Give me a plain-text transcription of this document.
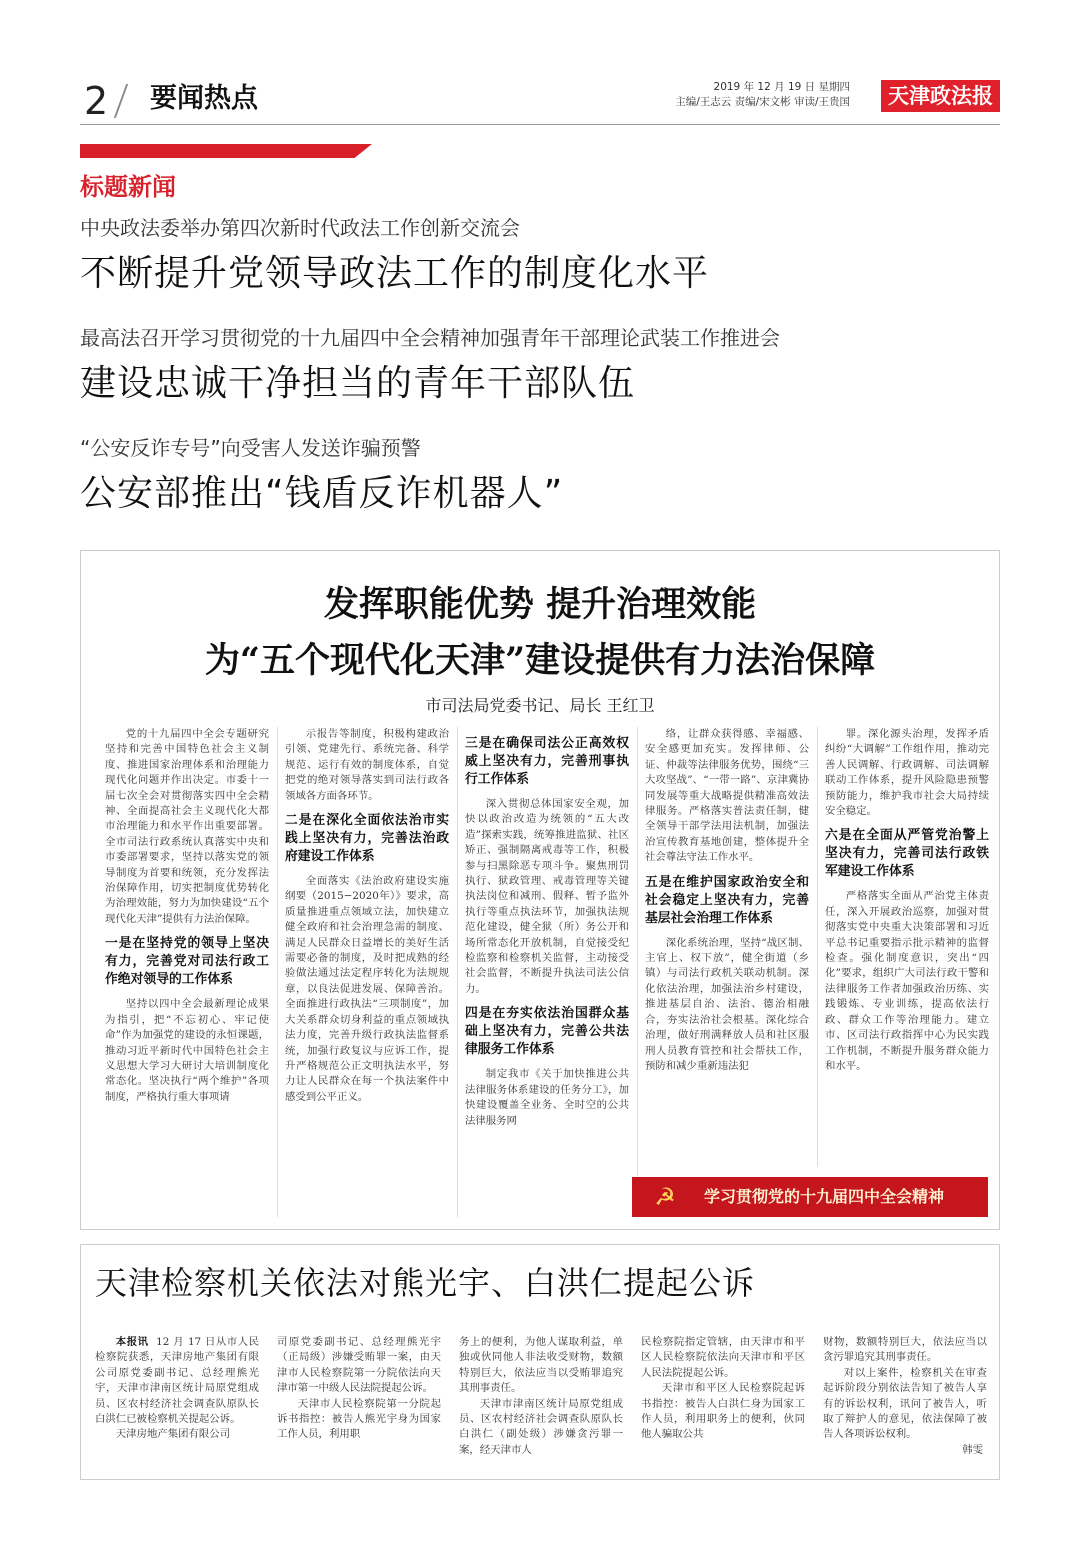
2 要闻热点	2019 年 12 月 19 日 星期四
主编/王志云 责编/宋文彬 审读/王贵国	天津政法报
标题新闻
中央政法委举办第四次新时代政法工作创新交流会
不断提升党领导政法工作的制度化水平
最高法召开学习贯彻党的十九届四中全会精神加强青年干部理论武装工作推进会
建设忠诚干净担当的青年干部队伍
“公安反诈专号”向受害人发送诈骗预警
公安部推出“钱盾反诈机器人”
发挥职能优势 提升治理效能
为“五个现代化天津”建设提供有力法治保障
市司法局党委书记、局长 王红卫

党的十九届四中全会专题研究坚持和完善中国特色社会主义制度、推进国家治理体系和治理能力现代化问题并作出决定。市委十一届七次全会对贯彻落实四中全会精神、全面提高社会主义现代化大都市治理能力和水平作出重要部署。全市司法行政系统认真落实中央和市委部署要求，坚持以落实党的领导制度为首要和统领，充分发挥法治保障作用，切实把制度优势转化为治理效能，努力为加快建设“五个现代化天津”提供有力法治保障。

一是在坚持党的领导上坚决有力，完善党对司法行政工作绝对领导的工作体系

坚持以四中全会最新理论成果为指引，把“不忘初心、牢记使命”作为加强党的建设的永恒课题，推动习近平新时代中国特色社会主义思想大学习大研讨大培训制度化常态化。坚决执行“两个维护”各项制度，严格执行重大事项请

示报告等制度，积极构建政治引领、党建先行、系统完备、科学规范、运行有效的制度体系，自觉把党的绝对领导落实到司法行政各领域各方面各环节。

二是在深化全面依法治市实践上坚决有力，完善法治政府建设工作体系

全面落实《法治政府建设实施纲要（2015−2020年）》要求，高质量推进重点领域立法，加快建立健全政府和社会治理急需的制度、满足人民群众日益增长的美好生活需要必备的制度，及时把成熟的经验做法通过法定程序转化为法规规章，以良法促进发展、保障善治。全面推进行政执法“三项制度”，加大关系群众切身利益的重点领域执法力度，完善升级行政执法监督系统，加强行政复议与应诉工作，提升严格规范公正文明执法水平，努力让人民群众在每一个执法案件中感受到公平正义。

三是在确保司法公正高效权威上坚决有力，完善刑事执行工作体系

深入贯彻总体国家安全观，加快以政治改造为统领的“五大改造”探索实践，统筹推进监狱、社区矫正、强制隔离戒毒等工作，积极参与扫黑除恶专项斗争。聚焦刑罚执行、狱政管理、戒毒管理等关键执法岗位和减刑、假释、暂予监外执行等重点执法环节，加强执法规范化建设，健全狱（所）务公开和场所常态化开放机制，自觉接受纪检监察和检察机关监督，主动接受社会监督，不断提升执法司法公信力。

四是在夯实依法治国群众基础上坚决有力，完善公共法律服务工作体系

制定我市《关于加快推进公共法律服务体系建设的任务分工》，加快建设覆盖全业务、全时空的公共法律服务网

络，让群众获得感、幸福感、安全感更加充实。发挥律师、公证、仲裁等法律服务优势，围绕“三大攻坚战”、“一带一路”、京津冀协同发展等重大战略提供精准高效法律服务。严格落实普法责任制，健全领导干部学法用法机制，加强法治宣传教育基地创建，整体提升全社会尊法守法工作水平。

五是在维护国家政治安全和社会稳定上坚决有力，完善基层社会治理工作体系

深化系统治理，坚持“战区制、主官上、权下放”，健全街道（乡镇）与司法行政机关联动机制。深化依法治理，加强法治乡村建设，推进基层自治、法治、德治相融合，夯实法治社会根基。深化综合治理，做好刑满释放人员和社区服刑人员教育管控和社会帮扶工作，预防和减少重新违法犯

罪。深化源头治理，发挥矛盾纠纷“大调解”工作组作用，推动完善人民调解、行政调解、司法调解联动工作体系，提升风险隐患预警预防能力，维护我市社会大局持续安全稳定。

六是在全面从严管党治警上坚决有力，完善司法行政铁军建设工作体系

严格落实全面从严治党主体责任，深入开展政治巡察，加强对贯彻落实党中央重大决策部署和习近平总书记重要指示批示精神的监督检查。强化制度意识，突出“四化”要求，组织广大司法行政干警和法律服务工作者加强政治历练、实践锻炼、专业训练，提高依法行政、群众工作等治理能力。建立市、区司法行政指挥中心为民实践工作机制，不断提升服务群众能力和水平。

☭ 学习贯彻党的十九届四中全会精神
天津检察机关依法对熊光宇、白洪仁提起公诉

本报讯 12 月 17 日从市人民检察院获悉，天津房地产集团有限公司原党委副书记、总经理熊光宇，天津市津南区统计局原党组成员、区农村经济社会调查队原队长白洪仁已被检察机关提起公诉。

天津房地产集团有限公司

司原党委副书记、总经理熊光宇（正局级）涉嫌受贿罪一案，由天津市人民检察院第一分院依法向天津市第一中级人民法院提起公诉。

天津市人民检察院第一分院起诉书指控：被告人熊光宇身为国家工作人员，利用职

务上的便利，为他人谋取利益，单独或伙同他人非法收受财物，数额特别巨大，依法应当以受贿罪追究其刑事责任。

天津市津南区统计局原党组成员、区农村经济社会调查队原队长白洪仁（副处级）涉嫌贪污罪一案，经天津市人

民检察院指定管辖，由天津市和平区人民检察院依法向天津市和平区人民法院提起公诉。

天津市和平区人民检察院起诉书指控：被告人白洪仁身为国家工作人员，利用职务上的便利，伙同他人骗取公共

财物，数额特别巨大，依法应当以贪污罪追究其刑事责任。

对以上案件，检察机关在审查起诉阶段分别依法告知了被告人享有的诉讼权利，讯问了被告人，听取了辩护人的意见，依法保障了被告人各项诉讼权利。

韩雯
